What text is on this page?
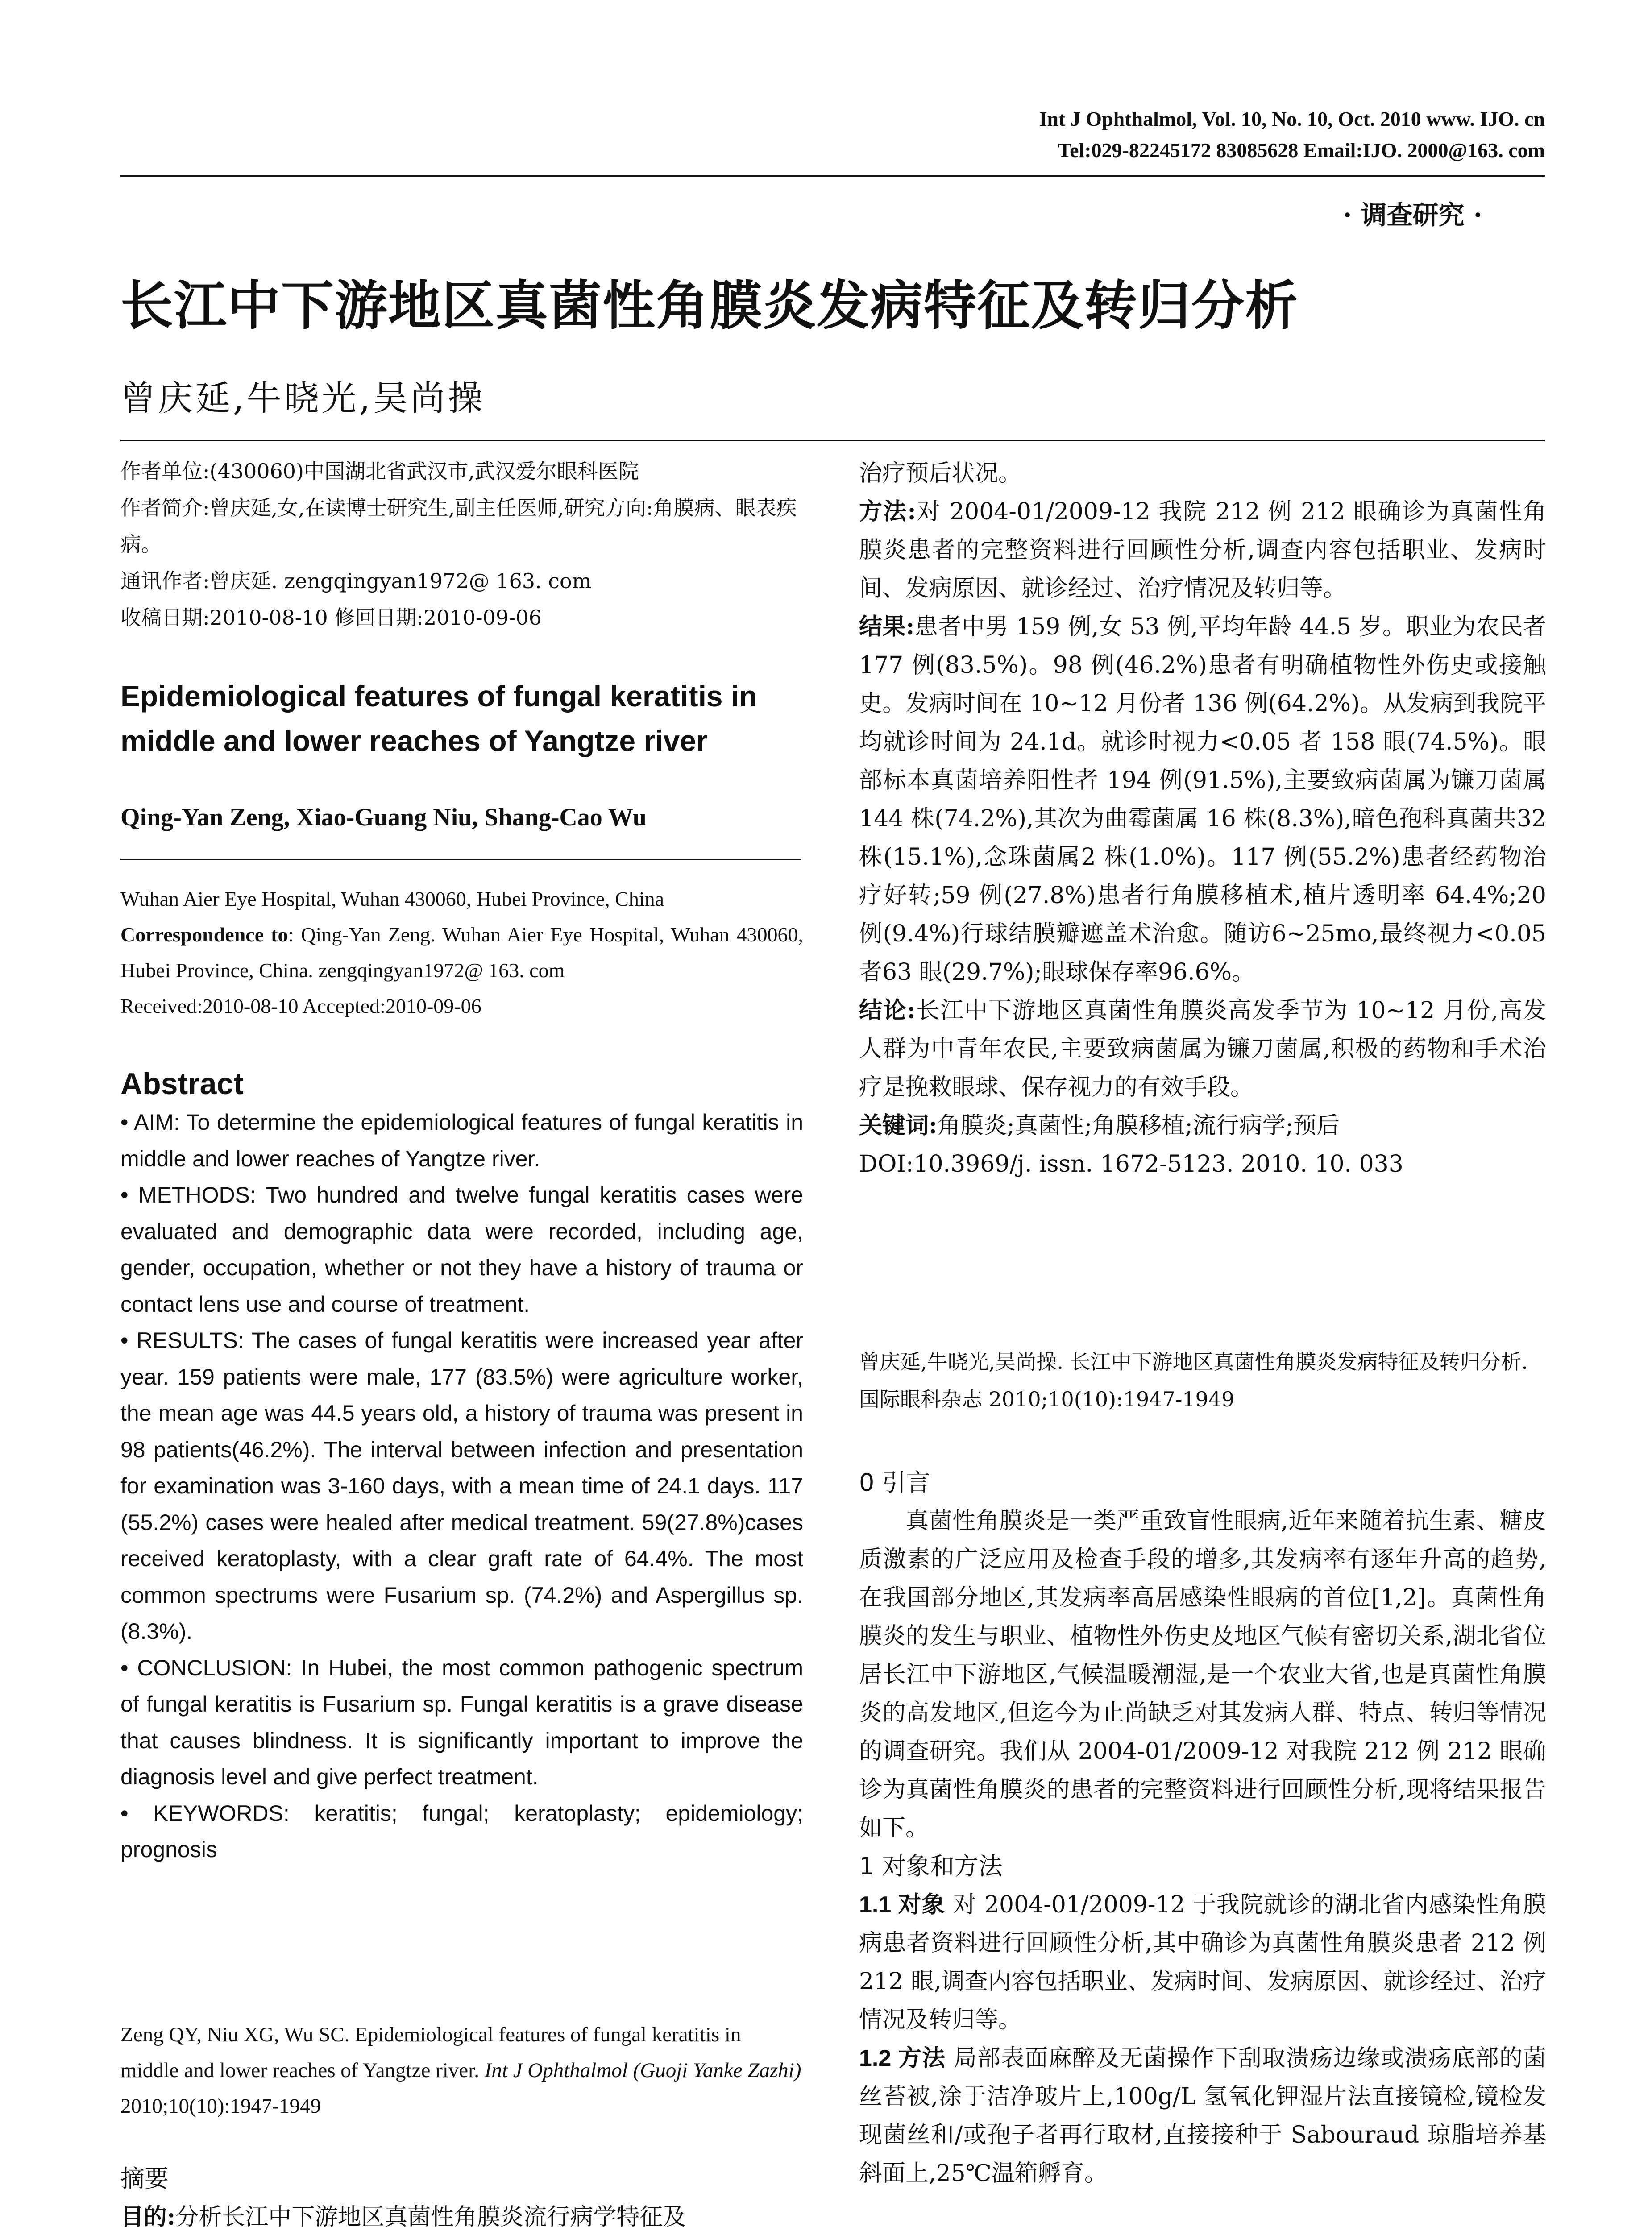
Int J Ophthalmol, Vol. 10, No. 10, Oct. 2010 www. IJO. cn
Tel:029-82245172 83085628 Email:IJO. 2000@163. com
· 调查研究 ·
长江中下游地区真菌性角膜炎发病特征及转归分析
曾庆延,牛晓光,吴尚操

作者单位:(430060)中国湖北省武汉市,武汉爱尔眼科医院

作者简介:曾庆延,女,在读博士研究生,副主任医师,研究方向:角膜病、眼表疾病。

通讯作者:曾庆延. zengqingyan1972@ 163. com

收稿日期:2010-08-10 修回日期:2010-09-06

Epidemiological features of fungal keratitis in middle and lower reaches of Yangtze river
Qing-Yan Zeng, Xiao-Guang Niu, Shang-Cao Wu

Wuhan Aier Eye Hospital, Wuhan 430060, Hubei Province, China

Correspondence to: Qing-Yan Zeng. Wuhan Aier Eye Hospital, Wuhan 430060, Hubei Province, China. zengqingyan1972@ 163. com

Received:2010-08-10 Accepted:2010-09-06

Abstract

• AIM: To determine the epidemiological features of fungal keratitis in middle and lower reaches of Yangtze river.

• METHODS: Two hundred and twelve fungal keratitis cases were evaluated and demographic data were recorded, including age, gender, occupation, whether or not they have a history of trauma or contact lens use and course of treatment.

• RESULTS: The cases of fungal keratitis were increased year after year. 159 patients were male, 177 (83.5%) were agriculture worker, the mean age was 44.5 years old, a history of trauma was present in 98 patients(46.2%). The interval between infection and presentation for examination was 3-160 days, with a mean time of 24.1 days. 117 (55.2%) cases were healed after medical treatment. 59(27.8%)cases received keratoplasty, with a clear graft rate of 64.4%. The most common spectrums were Fusarium sp. (74.2%) and Aspergillus sp. (8.3%).

• CONCLUSION: In Hubei, the most common pathogenic spectrum of fungal keratitis is Fusarium sp. Fungal keratitis is a grave disease that causes blindness. It is significantly important to improve the diagnosis level and give perfect treatment.

• KEYWORDS: keratitis; fungal; keratoplasty; epidemiology; prognosis

Zeng QY, Niu XG, Wu SC. Epidemiological features of fungal keratitis in middle and lower reaches of Yangtze river. Int J Ophthalmol (Guoji Yanke Zazhi) 2010;10(10):1947-1949

摘要

目的:分析长江中下游地区真菌性角膜炎流行病学特征及

治疗预后状况。

方法:对 2004-01/2009-12 我院 212 例 212 眼确诊为真菌性角膜炎患者的完整资料进行回顾性分析,调查内容包括职业、发病时间、发病原因、就诊经过、治疗情况及转归等。

结果:患者中男 159 例,女 53 例,平均年龄 44.5 岁。职业为农民者 177 例(83.5%)。98 例(46.2%)患者有明确植物性外伤史或接触史。发病时间在 10~12 月份者 136 例(64.2%)。从发病到我院平均就诊时间为 24.1d。就诊时视力<0.05 者 158 眼(74.5%)。眼部标本真菌培养阳性者 194 例(91.5%),主要致病菌属为镰刀菌属 144 株(74.2%),其次为曲霉菌属 16 株(8.3%),暗色孢科真菌共32 株(15.1%),念珠菌属2 株(1.0%)。117 例(55.2%)患者经药物治疗好转;59 例(27.8%)患者行角膜移植术,植片透明率 64.4%;20 例(9.4%)行球结膜瓣遮盖术治愈。随访6~25mo,最终视力<0.05 者63 眼(29.7%);眼球保存率96.6%。

结论:长江中下游地区真菌性角膜炎高发季节为 10~12 月份,高发人群为中青年农民,主要致病菌属为镰刀菌属,积极的药物和手术治疗是挽救眼球、保存视力的有效手段。

关键词:角膜炎;真菌性;角膜移植;流行病学;预后

DOI:10.3969/j. issn. 1672-5123. 2010. 10. 033

曾庆延,牛晓光,吴尚操. 长江中下游地区真菌性角膜炎发病特征及转归分析. 国际眼科杂志 2010;10(10):1947-1949

0 引言

真菌性角膜炎是一类严重致盲性眼病,近年来随着抗生素、糖皮质激素的广泛应用及检查手段的增多,其发病率有逐年升高的趋势,在我国部分地区,其发病率高居感染性眼病的首位[1,2]。真菌性角膜炎的发生与职业、植物性外伤史及地区气候有密切关系,湖北省位居长江中下游地区,气候温暖潮湿,是一个农业大省,也是真菌性角膜炎的高发地区,但迄今为止尚缺乏对其发病人群、特点、转归等情况的调查研究。我们从 2004-01/2009-12 对我院 212 例 212 眼确诊为真菌性角膜炎的患者的完整资料进行回顾性分析,现将结果报告如下。

1 对象和方法

1.1 对象 对 2004-01/2009-12 于我院就诊的湖北省内感染性角膜病患者资料进行回顾性分析,其中确诊为真菌性角膜炎患者 212 例 212 眼,调查内容包括职业、发病时间、发病原因、就诊经过、治疗情况及转归等。

1.2 方法 局部表面麻醉及无菌操作下刮取溃疡边缘或溃疡底部的菌丝苔被,涂于洁净玻片上,100g/L 氢氧化钾湿片法直接镜检,镜检发现菌丝和/或孢子者再行取材,直接接种于 Sabouraud 琼脂培养基斜面上,25℃温箱孵育。
